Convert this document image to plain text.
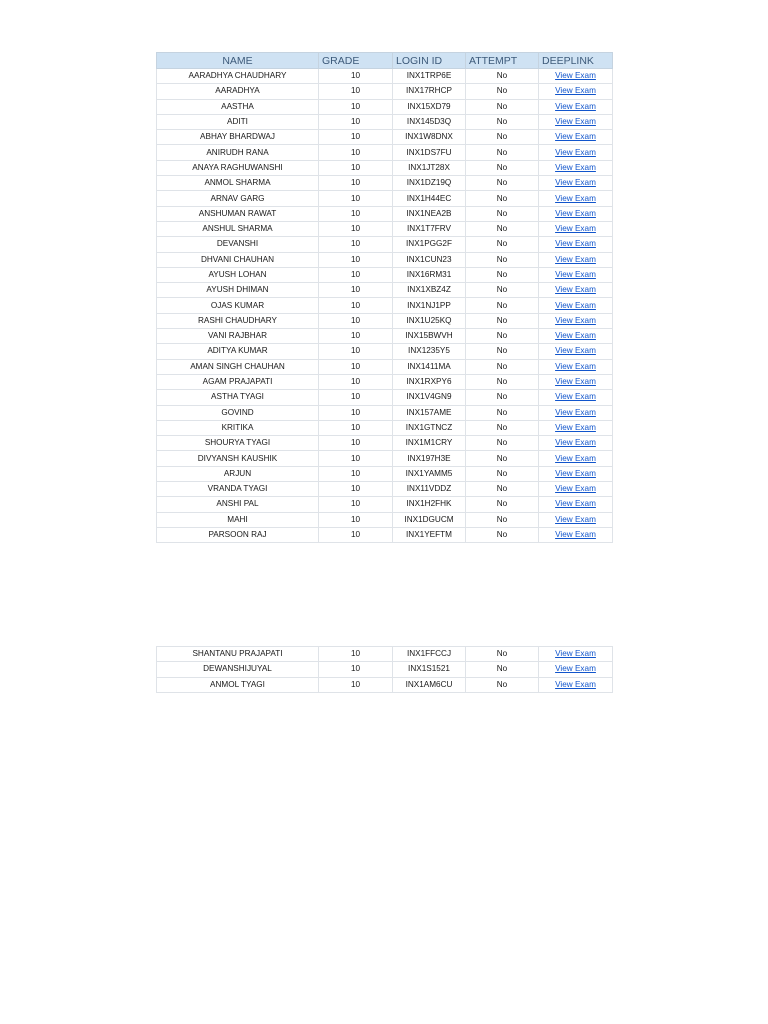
NAME	GRADE	LOGIN ID	ATTEMPT	DEEPLINK
AARADHYA CHAUDHARY	10	INX1TRP6E	No	View Exam
AARADHYA	10	INX17RHCP	No	View Exam
AASTHA	10	INX15XD79	No	View Exam
ADITI	10	INX145D3Q	No	View Exam
ABHAY BHARDWAJ	10	INX1W8DNX	No	View Exam
ANIRUDH RANA	10	INX1DS7FU	No	View Exam
ANAYA RAGHUWANSHI	10	INX1JT28X	No	View Exam
ANMOL SHARMA	10	INX1DZ19Q	No	View Exam
ARNAV GARG	10	INX1H44EC	No	View Exam
ANSHUMAN RAWAT	10	INX1NEA2B	No	View Exam
ANSHUL SHARMA	10	INX1T7FRV	No	View Exam
DEVANSHI	10	INX1PGG2F	No	View Exam
DHVANI CHAUHAN	10	INX1CUN23	No	View Exam
AYUSH LOHAN	10	INX16RM31	No	View Exam
AYUSH DHIMAN	10	INX1XBZ4Z	No	View Exam
OJAS KUMAR	10	INX1NJ1PP	No	View Exam
RASHI CHAUDHARY	10	INX1U25KQ	No	View Exam
VANI RAJBHAR	10	INX15BWVH	No	View Exam
ADITYA KUMAR	10	INX1235Y5	No	View Exam
AMAN SINGH CHAUHAN	10	INX1411MA	No	View Exam
AGAM PRAJAPATI	10	INX1RXPY6	No	View Exam
ASTHA TYAGI	10	INX1V4GN9	No	View Exam
GOVIND	10	INX157AME	No	View Exam
KRITIKA	10	INX1GTNCZ	No	View Exam
SHOURYA TYAGI	10	INX1M1CRY	No	View Exam
DIVYANSH KAUSHIK	10	INX197H3E	No	View Exam
ARJUN	10	INX1YAMM5	No	View Exam
VRANDA TYAGI	10	INX11VDDZ	No	View Exam
ANSHI PAL	10	INX1H2FHK	No	View Exam
MAHI	10	INX1DGUCM	No	View Exam
PARSOON RAJ	10	INX1YEFTM	No	View Exam
SHANTANU PRAJAPATI	10	INX1FFCCJ	No	View Exam
DEWANSHIJUYAL	10	INX1S1521	No	View Exam
ANMOL TYAGI	10	INX1AM6CU	No	View Exam
